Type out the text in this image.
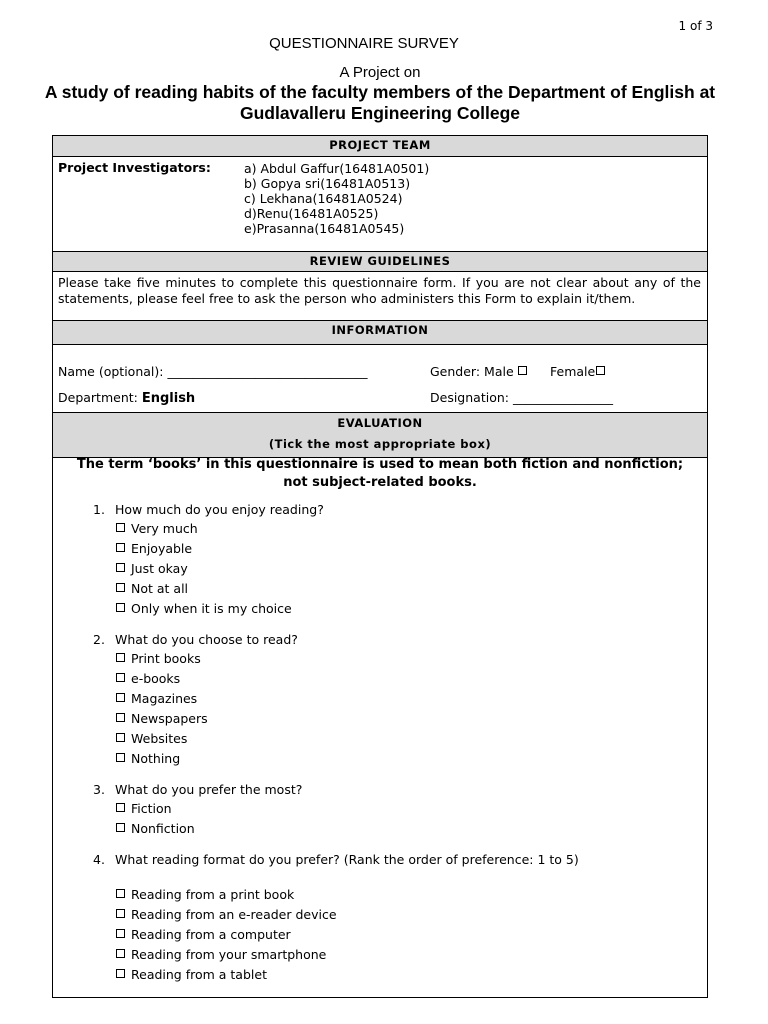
1 of 3
QUESTIONNAIRE SURVEY
A Project on
A study of reading habits of the faculty members of the Department of English at Gudlavalleru Engineering College
PROJECT TEAM
Project Investigators:	a) Abdul Gaffur(16481A0501)
b) Gopya sri(16481A0513)
c) Lekhana(16481A0524)
d)Renu(16481A0525)
e)Prasanna(16481A0545)
REVIEW GUIDELINES
Please take five minutes to complete this questionnaire form. If you are not clear about any of the statements, please feel free to ask the person who administers this Form to explain it/them.
INFORMATION
Name (optional): ________________________________	Gender: Male	Female
Department: English	Designation: ________________
EVALUATION
(Tick the most appropriate box)
The term ‘books’ in this questionnaire is used to mean both fiction and nonfiction; not subject-related books.
1. How much do you enjoy reading?
Very much
Enjoyable
Just okay
Not at all
Only when it is my choice
2. What do you choose to read?
Print books
e-books
Magazines
Newspapers
Websites
Nothing
3. What do you prefer the most?
Fiction
Nonfiction
4. What reading format do you prefer? (Rank the order of preference: 1 to 5)
Reading from a print book
Reading from an e-reader device
Reading from a computer
Reading from your smartphone
Reading from a tablet
